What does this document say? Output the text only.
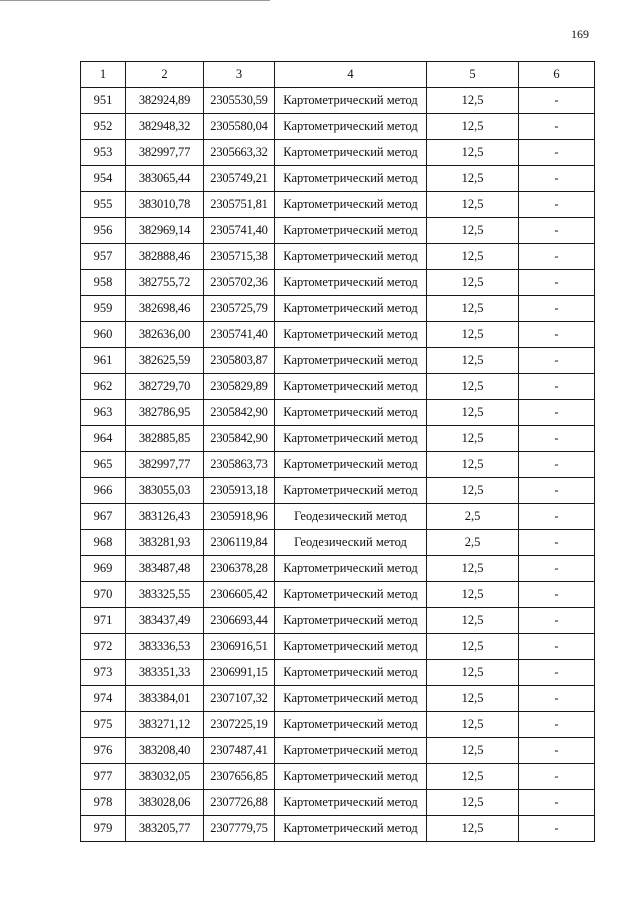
169
1	2	3	4	5	6
951	382924,89	2305530,59	Картометрический метод	12,5	-
952	382948,32	2305580,04	Картометрический метод	12,5	-
953	382997,77	2305663,32	Картометрический метод	12,5	-
954	383065,44	2305749,21	Картометрический метод	12,5	-
955	383010,78	2305751,81	Картометрический метод	12,5	-
956	382969,14	2305741,40	Картометрический метод	12,5	-
957	382888,46	2305715,38	Картометрический метод	12,5	-
958	382755,72	2305702,36	Картометрический метод	12,5	-
959	382698,46	2305725,79	Картометрический метод	12,5	-
960	382636,00	2305741,40	Картометрический метод	12,5	-
961	382625,59	2305803,87	Картометрический метод	12,5	-
962	382729,70	2305829,89	Картометрический метод	12,5	-
963	382786,95	2305842,90	Картометрический метод	12,5	-
964	382885,85	2305842,90	Картометрический метод	12,5	-
965	382997,77	2305863,73	Картометрический метод	12,5	-
966	383055,03	2305913,18	Картометрический метод	12,5	-
967	383126,43	2305918,96	Геодезический метод	2,5	-
968	383281,93	2306119,84	Геодезический метод	2,5	-
969	383487,48	2306378,28	Картометрический метод	12,5	-
970	383325,55	2306605,42	Картометрический метод	12,5	-
971	383437,49	2306693,44	Картометрический метод	12,5	-
972	383336,53	2306916,51	Картометрический метод	12,5	-
973	383351,33	2306991,15	Картометрический метод	12,5	-
974	383384,01	2307107,32	Картометрический метод	12,5	-
975	383271,12	2307225,19	Картометрический метод	12,5	-
976	383208,40	2307487,41	Картометрический метод	12,5	-
977	383032,05	2307656,85	Картометрический метод	12,5	-
978	383028,06	2307726,88	Картометрический метод	12,5	-
979	383205,77	2307779,75	Картометрический метод	12,5	-
